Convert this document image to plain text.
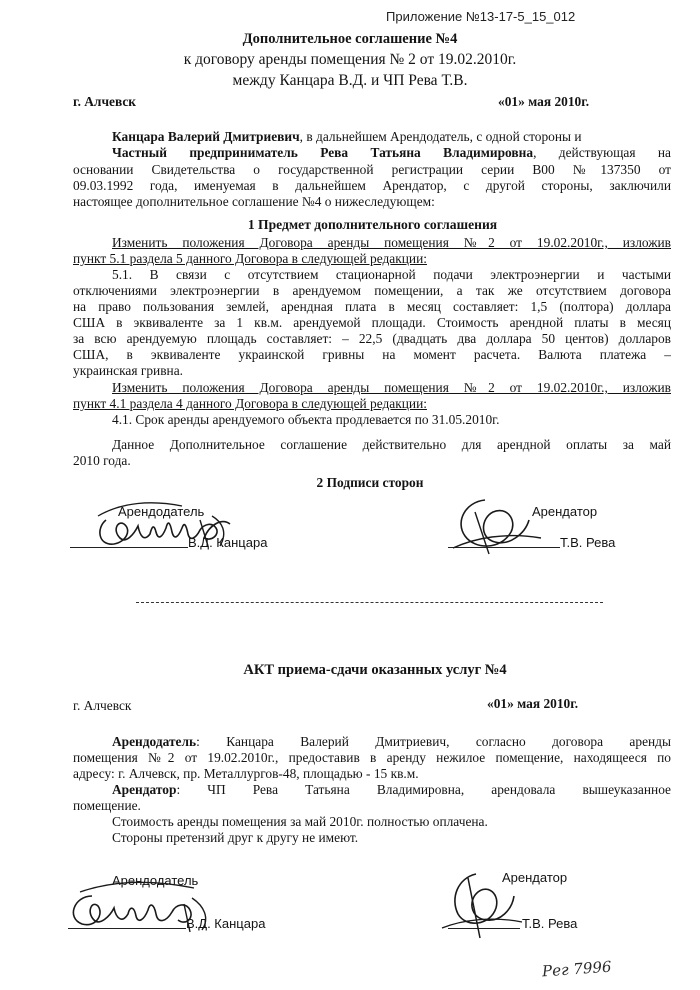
Приложение №13-17-5_15_012
Дополнительное соглашение №4
к договору аренды помещения № 2 от 19.02.2010г.
между Канцара В.Д. и ЧП Рева Т.В.
г. Алчевск	«01» мая 2010г.
Канцара Валерий Дмитриевич, в дальнейшем Арендодатель, с одной стороны и
Частный предприниматель Рева Татьяна Владимировна, действующая на
основании Свидетельства о государственной регистрации серии В00 №137350 от
09.03.1992 года, именуемая в дальнейшем Арендатор, с другой стороны, заключили
настоящее дополнительное соглашение №4 о нижеследующем:
1 Предмет дополнительного соглашения
Изменить положения Договора аренды помещения №2 от 19.02.2010г., изложив
пункт 5.1 раздела 5 данного Договора в следующей редакции:
5.1. В связи с отсутствием стационарной подачи электроэнергии и частыми
отключениями электроэнергии в арендуемом помещении, а так же отсутствием договора
на право пользования землей, арендная плата в месяц составляет: 1,5 (полтора) доллара
США в эквиваленте за 1 кв.м. арендуемой площади. Стоимость арендной платы в месяц
за всю арендуемую площадь составляет: – 22,5 (двадцать два доллара 50 центов) долларов
США, в эквиваленте украинской гривны на момент расчета. Валюта платежа –
украинская гривна.
Изменить положения Договора аренды помещения №2 от 19.02.2010г., изложив
пункт 4.1 раздела 4 данного Договора в следующей редакции:
4.1. Срок аренды арендуемого объекта продлевается по 31.05.2010г.
Данное Дополнительное соглашение действительно для арендной оплаты за май
2010 года.
2 Подписи сторон
Арендодатель
В.Д. Канцара
Арендатор
Т.В. Рева
АКТ приема-сдачи оказанных услуг №4
г. Алчевск	«01» мая 2010г.
Арендодатель: Канцара Валерий Дмитриевич, согласно договора аренды
помещения №2 от 19.02.2010г., предоставив в аренду нежилое помещение, находящееся по
адресу: г. Алчевск, пр. Металлургов-48, площадью - 15 кв.м.
Арендатор: ЧП Рева Татьяна Владимировна, арендовала вышеуказанное
помещение.
Стоимость аренды помещения за май 2010г. полностью оплачена.
Стороны претензий друг к другу не имеют.
Арендодатель
В.Д. Канцара
Арендатор
Т.В. Рева
Рег 7996
